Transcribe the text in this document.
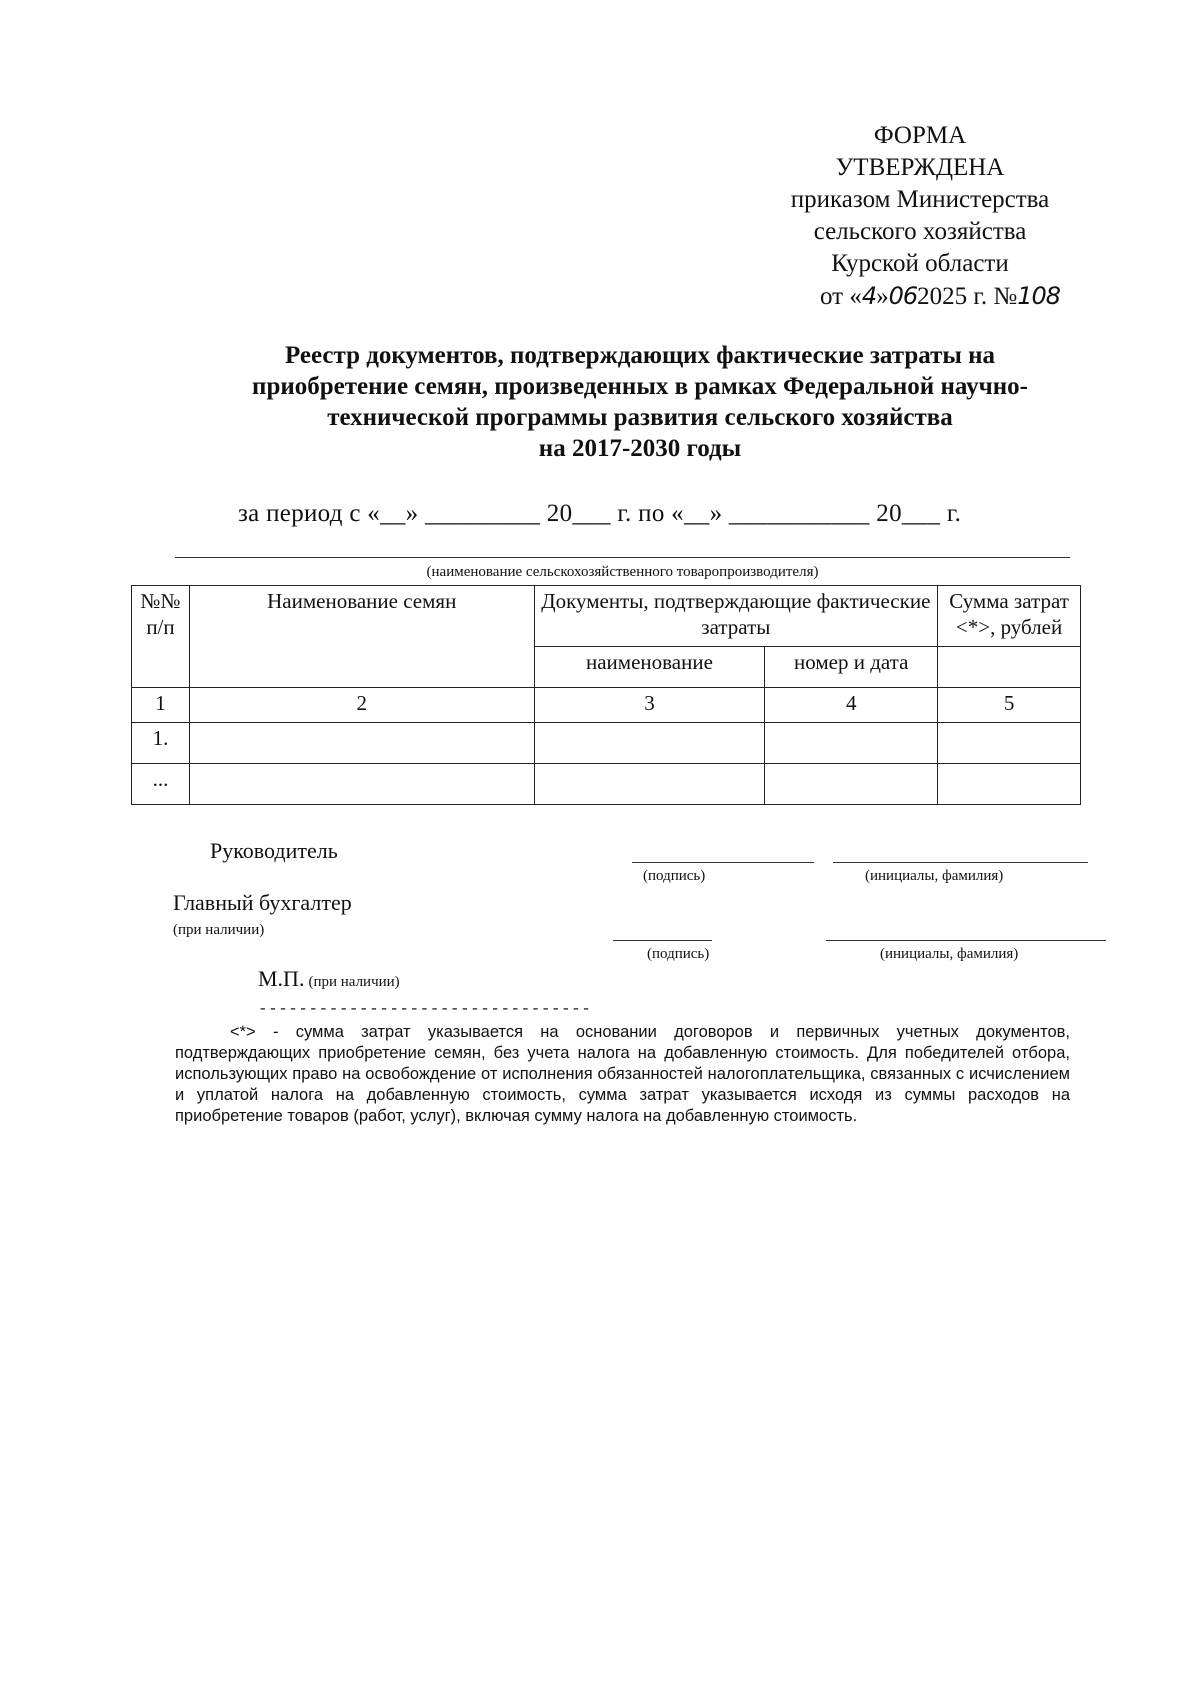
ФОРМА
УТВЕРЖДЕНА
приказом Министерства
сельского хозяйства
Курской области
от «4»062025 г. №108
Реестр документов, подтверждающих фактические затраты на
приобретение семян, произведенных в рамках Федеральной научно-
технической программы развития сельского хозяйства
на 2017-2030 годы
за период с «__» _________ 20___ г. по «__» ___________ 20___ г.
(наименование сельскохозяйственного товаропроизводителя)
№№ п/п	Наименование семян	Документы, подтверждающие фактические затраты		Сумма затрат <*>, рублей
		наименование	номер и дата	
1	2	3	4	5
1.				
...				
Руководитель
(подпись)	(инициалы, фамилия)
Главный бухгалтер
(при наличии)
(подпись)	(инициалы, фамилия)
М.П. (при наличии)
---------------------------------
<*> - сумма затрат указывается на основании договоров и первичных учетных документов, подтверждающих приобретение семян, без учета налога на добавленную стоимость. Для победителей отбора, использующих право на освобождение от исполнения обязанностей налогоплательщика, связанных с исчислением и уплатой налога на добавленную стоимость, сумма затрат указывается исходя из суммы расходов на приобретение товаров (работ, услуг), включая сумму налога на добавленную стоимость.
